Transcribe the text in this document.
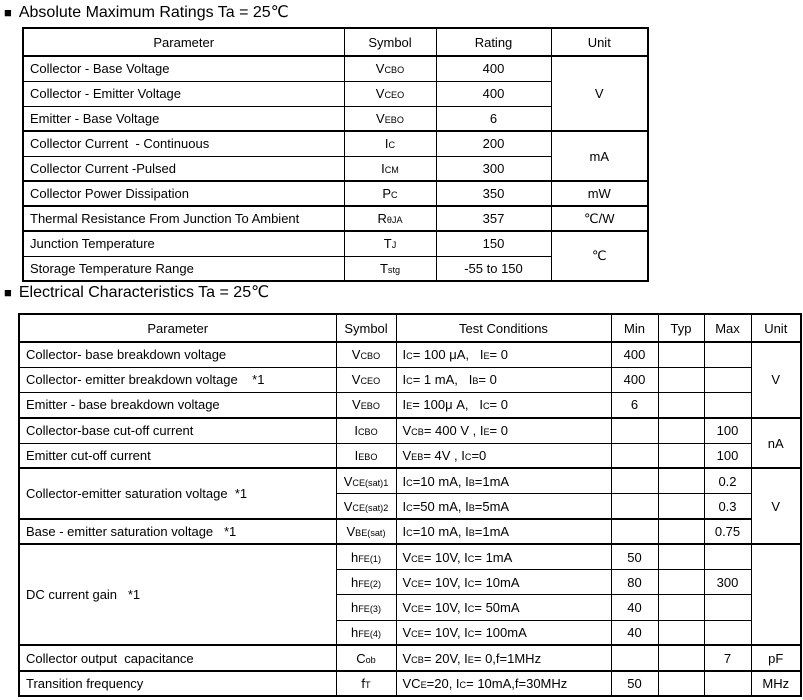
■ Absolute Maximum Ratings Ta = 25℃
Parameter	Symbol	Rating	Unit
Collector - Base Voltage	VCBO	400	V
Collector - Emitter Voltage	VCEO	400	
Emitter - Base Voltage	VEBO	6	
Collector Current  - Continuous	IC	200	mA
Collector Current -Pulsed	ICM	300	
Collector Power Dissipation	PC	350	mW
Thermal Resistance From Junction To Ambient	RθJA	357	℃/W
Junction Temperature	TJ	150	℃
Storage Temperature Range	Tstg	-55 to 150	
■ Electrical Characteristics Ta = 25℃
Parameter	Symbol	Test Conditions	Min	Typ	Max	Unit
Collector- base breakdown voltage	VCBO	IC= 100 μA,   IE= 0	400			V
Collector- emitter breakdown voltage    *1	VCEO	IC= 1 mA,   IB= 0	400			
Emitter - base breakdown voltage	VEBO	IE= 100μ A,   IC= 0	6			
Collector-base cut-off current	ICBO	VCB= 400 V , IE= 0			100	nA
Emitter cut-off current	IEBO	VEB= 4V , IC=0			100	
Collector-emitter saturation voltage  *1	VCE(sat)1	IC=10 mA, IB=1mA			0.2	V
	VCE(sat)2	IC=50 mA, IB=5mA			0.3	
Base - emitter saturation voltage   *1	VBE(sat)	IC=10 mA, IB=1mA			0.75	
DC current gain   *1	hFE(1)	VCE= 10V, IC= 1mA	50			
	hFE(2)	VCE= 10V, IC= 10mA	80		300	
	hFE(3)	VCE= 10V, IC= 50mA	40			
	hFE(4)	VCE= 10V, IC= 100mA	40			
Collector output  capacitance	Cob	VCB= 20V, IE= 0,f=1MHz			7	pF
Transition frequency	fT	VCE=20, IC= 10mA,f=30MHz	50			MHz
